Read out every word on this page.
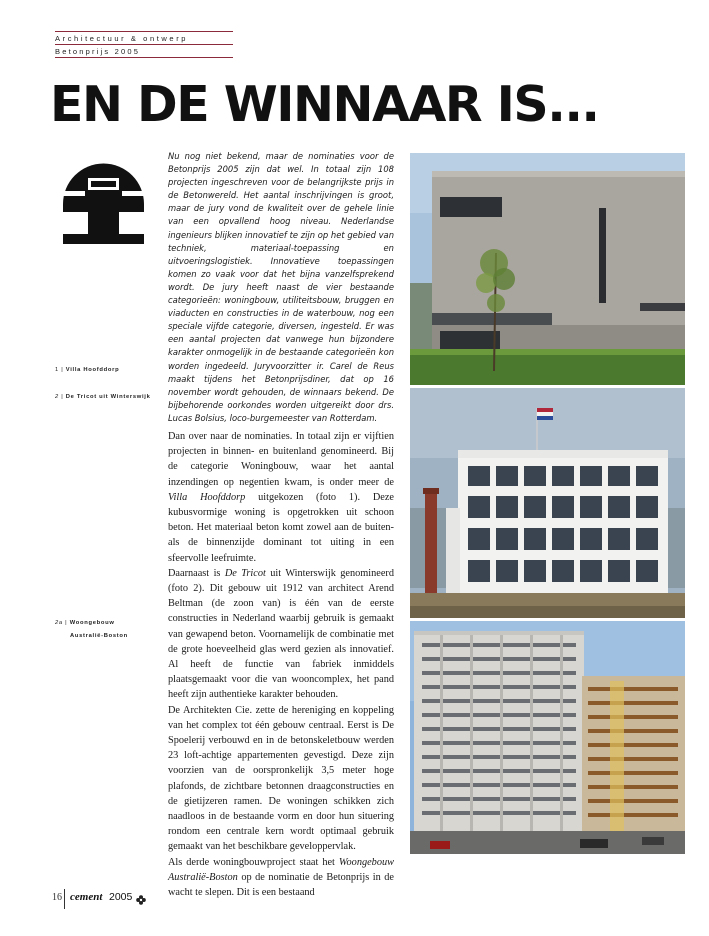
Architectuur & ontwerp
Betonprijs 2005
EN DE WINNAAR IS...
Nu nog niet bekend, maar de nominaties voor de Betonprijs 2005 zijn dat wel. In totaal zijn 108 projecten ingeschreven voor de belangrijkste prijs in de Betonwereld. Het aantal inschrijvingen is groot, maar de jury vond de kwaliteit over de gehele linie van een opvallend hoog niveau. Nederlandse ingenieurs blijken innovatief te zijn op het gebied van techniek, materiaal-toepassing en uitvoeringslogistiek. Innovatieve toepassingen komen zo vaak voor dat het bijna vanzelfsprekend wordt. De jury heeft naast de vier bestaande categorieën: woningbouw, utiliteitsbouw, bruggen en viaducten en constructies in de waterbouw, nog een speciale vijfde categorie, diversen, ingesteld. Er was een aantal projecten dat vanwege hun bijzondere karakter onmogelijk in de bestaande categorieën kon worden ingedeeld. Juryvoorzitter ir. Carel de Reus maakt tijdens het Betonprijsdiner, dat op 16 november wordt gehouden, de winnaars bekend. De bijbehorende oorkondes worden uitgereikt door drs. Lucas Bolsius, loco-burgemeester van Rotterdam.

Dan over naar de nominaties. In totaal zijn er vijftien projecten in binnen- en buitenland genomineerd. Bij de categorie Woningbouw, waar het aantal inzendingen op negentien kwam, is onder meer de Villa Hoofddorp uitgekozen (foto 1). Deze kubusvormige woning is opgetrokken uit schoon beton. Het materiaal beton komt zowel aan de buiten- als de binnenzijde dominant tot uiting in een sfeervolle leefruimte.

Daarnaast is De Tricot uit Winterswijk genomineerd (foto 2). Dit gebouw uit 1912 van architect Arend Beltman (de zoon van) is één van de eerste constructies in Nederland waarbij gebruik is gemaakt van gewapend beton. Voornamelijk de combinatie met de grote hoeveelheid glas werd gezien als innovatief. Al heeft de functie van fabriek inmiddels plaatsgemaakt voor die van wooncomplex, het pand heeft zijn authentieke karakter behouden.

De Architekten Cie. zette de hereniging en koppeling van het complex tot één gebouw centraal. Eerst is De Spoelerij verbouwd en in de betonskeletbouw werden 23 loft-achtige appartementen gevestigd. Deze zijn voorzien van de oorspronkelijk 3,5 meter hoge plafonds, de zichtbare betonnen draagconstructies en de gietijzeren ramen. De woningen schikken zich naadloos in de bestaande vorm en door hun situering rondom een centrale kern wordt optimaal gebruik gemaakt van het beschikbare geveloppervlak.

Als derde woningbouwproject staat het Woongebouw Australië-Boston op de nominatie de Betonprijs in de wacht te slepen. Dit is een bestaand

1 | Villa Hoofddorp
2 | De Tricot uit Winterswijk
2a | Woongebouw
Australië-Boston
16 cement 2005
